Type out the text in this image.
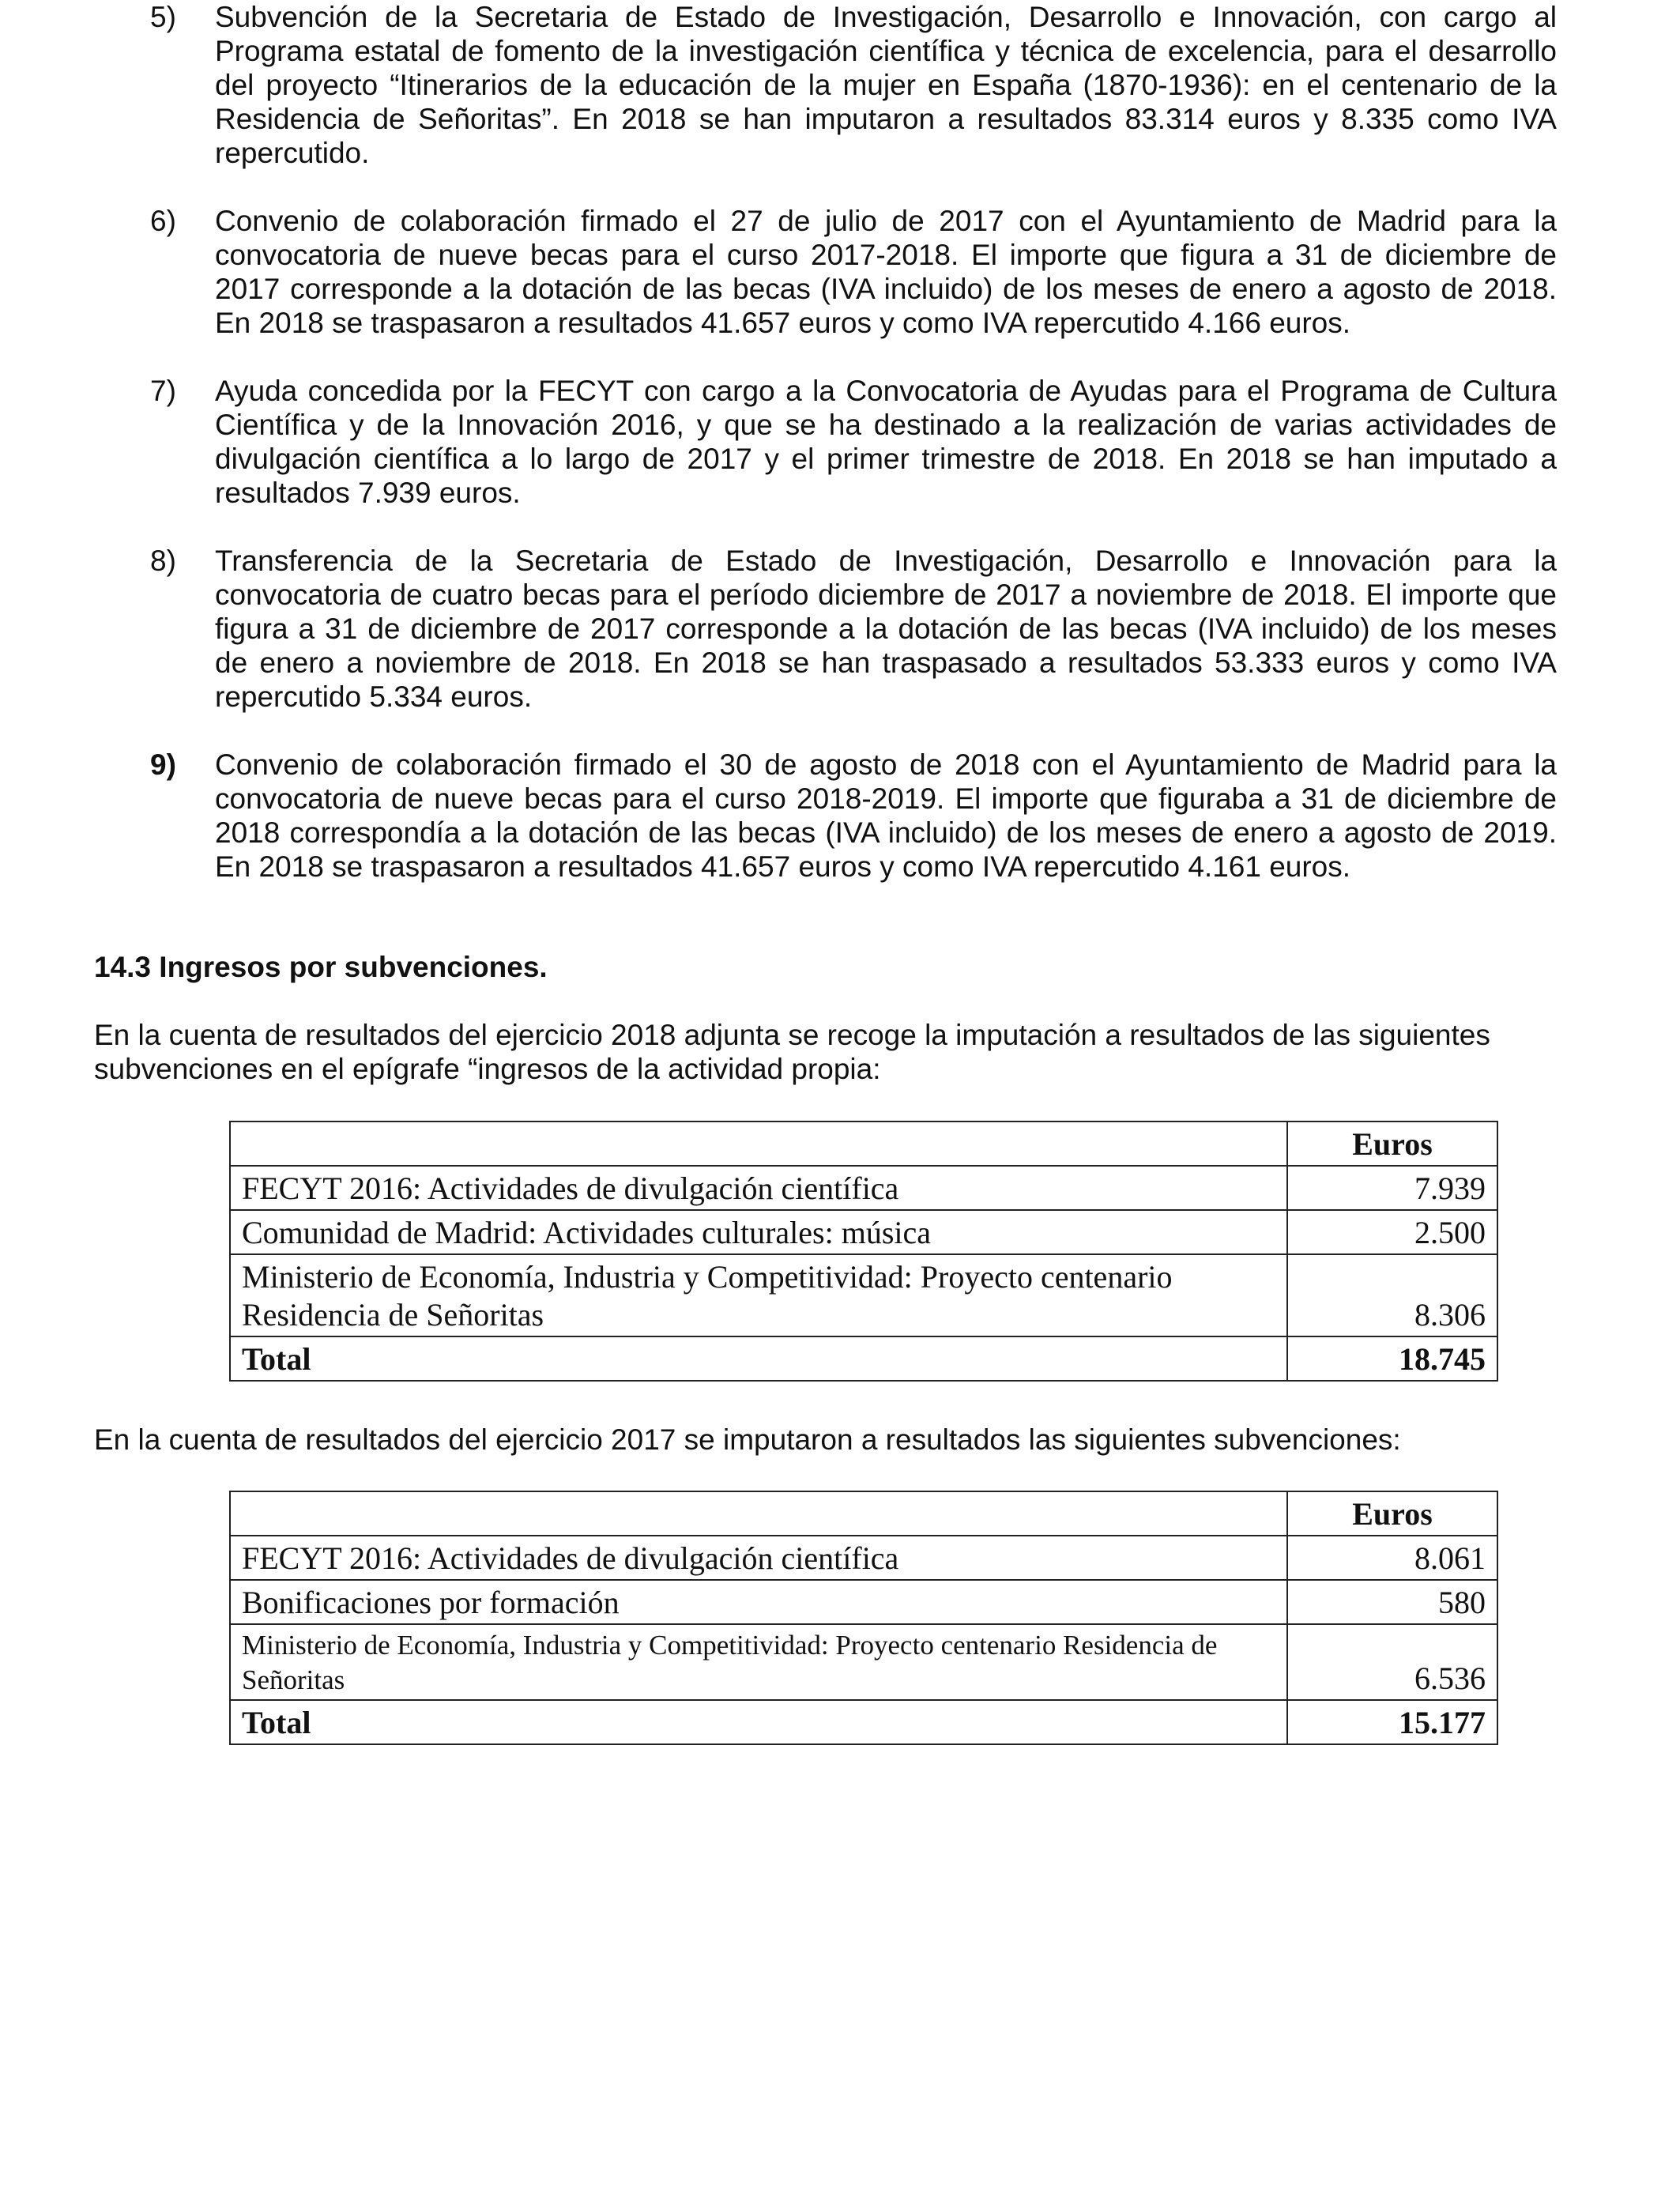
5) Subvención de la Secretaria de Estado de Investigación, Desarrollo e Innovación, con cargo al Programa estatal de fomento de la investigación científica y técnica de excelencia, para el desarrollo del proyecto “Itinerarios de la educación de la mujer en España (1870-1936): en el centenario de la Residencia de Señoritas”. En 2018 se han imputaron a resultados 83.314 euros y 8.335 como IVA repercutido.
6) Convenio de colaboración firmado el 27 de julio de 2017 con el Ayuntamiento de Madrid para la convocatoria de nueve becas para el curso 2017-2018. El importe que figura a 31 de diciembre de 2017 corresponde a la dotación de las becas (IVA incluido) de los meses de enero a agosto de 2018. En 2018 se traspasaron a resultados 41.657 euros y como IVA repercutido 4.166 euros.
7) Ayuda concedida por la FECYT con cargo a la Convocatoria de Ayudas para el Programa de Cultura Científica y de la Innovación 2016, y que se ha destinado a la realización de varias actividades de divulgación científica a lo largo de 2017 y el primer trimestre de 2018. En 2018 se han imputado a resultados 7.939 euros.
8) Transferencia de la Secretaria de Estado de Investigación, Desarrollo e Innovación para la convocatoria de cuatro becas para el período diciembre de 2017 a noviembre de 2018. El importe que figura a 31 de diciembre de 2017 corresponde a la dotación de las becas (IVA incluido) de los meses de enero a noviembre de 2018. En 2018 se han traspasado a resultados 53.333 euros y como IVA repercutido 5.334 euros.
9) Convenio de colaboración firmado el 30 de agosto de 2018 con el Ayuntamiento de Madrid para la convocatoria de nueve becas para el curso 2018-2019. El importe que figuraba a 31 de diciembre de 2018 correspondía a la dotación de las becas (IVA incluido) de los meses de enero a agosto de 2019. En 2018 se traspasaron a resultados 41.657 euros y como IVA repercutido 4.161 euros.
14.3 Ingresos por subvenciones.
En la cuenta de resultados del ejercicio 2018 adjunta se recoge la imputación a resultados de las siguientes subvenciones en el epígrafe “ingresos de la actividad propia:
	Euros
FECYT 2016: Actividades de divulgación científica	7.939
Comunidad de Madrid: Actividades culturales: música	2.500
Ministerio de Economía, Industria y Competitividad: Proyecto centenario Residencia de Señoritas	8.306
Total	18.745
En la cuenta de resultados del ejercicio 2017 se imputaron a resultados las siguientes subvenciones:
	Euros
FECYT 2016: Actividades de divulgación científica	8.061
Bonificaciones por formación	580
Ministerio de Economía, Industria y Competitividad: Proyecto centenario Residencia de Señoritas	6.536
Total	15.177
